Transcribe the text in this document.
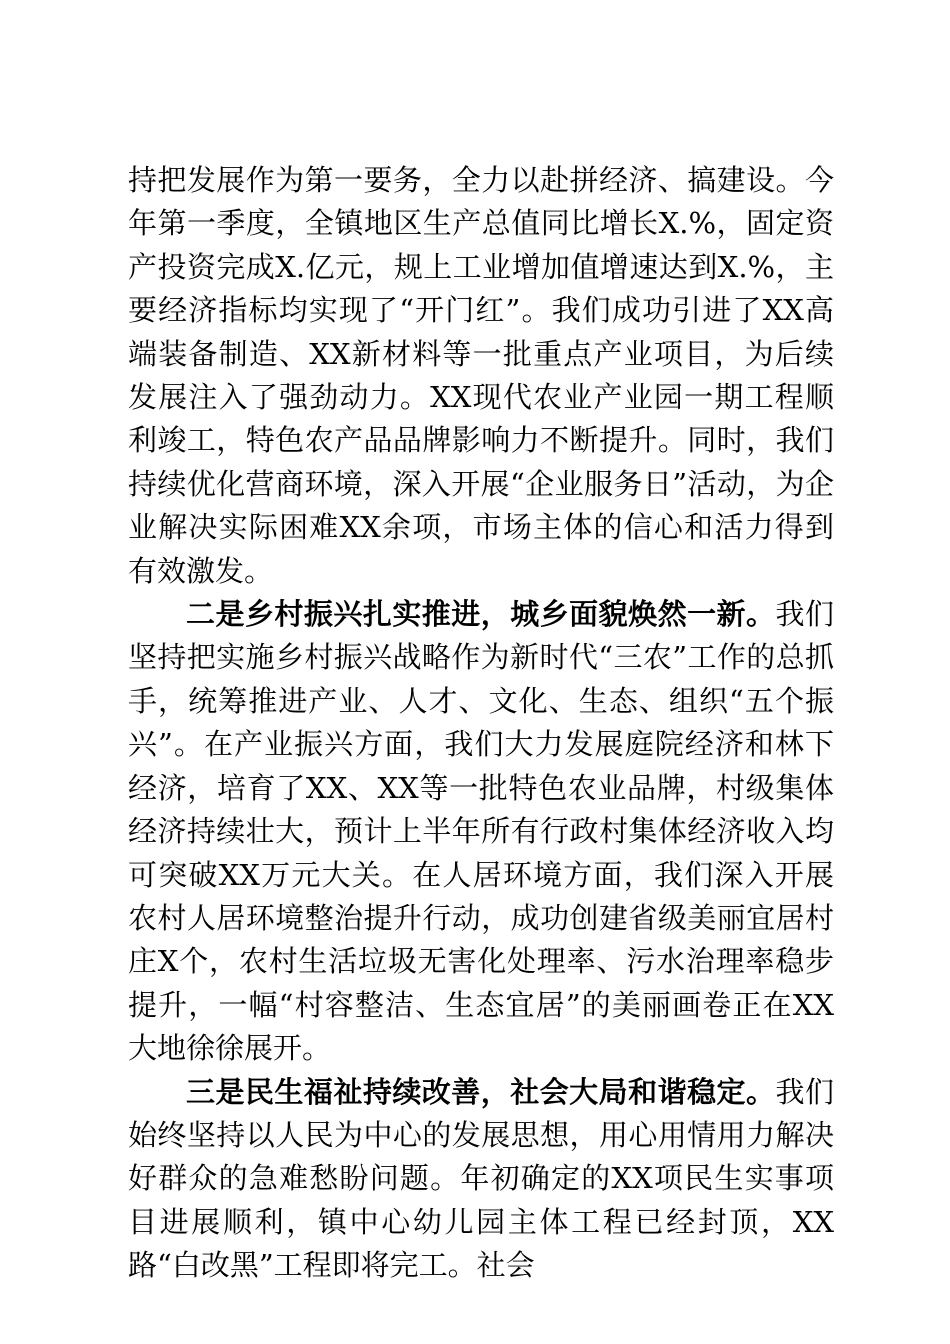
持把发展作为第一要务，全力以赴拼经济、搞建设。今年第一季度，全镇地区生产总值同比增长X.%，固定资产投资完成X.亿元，规上工业增加值增速达到X.%，主要经济指标均实现了“开门红”。我们成功引进了XX高端装备制造、XX新材料等一批重点产业项目，为后续发展注入了强劲动力。XX现代农业产业园一期工程顺利竣工，特色农产品品牌影响力不断提升。同时，我们持续优化营商环境，深入开展“企业服务日”活动，为企业解决实际困难XX余项，市场主体的信心和活力得到有效激发。

二是乡村振兴扎实推进，城乡面貌焕然一新。我们坚持把实施乡村振兴战略作为新时代“三农”工作的总抓手，统筹推进产业、人才、文化、生态、组织“五个振兴”。在产业振兴方面，我们大力发展庭院经济和林下经济，培育了XX、XX等一批特色农业品牌，村级集体经济持续壮大，预计上半年所有行政村集体经济收入均可突破XX万元大关。在人居环境方面，我们深入开展农村人居环境整治提升行动，成功创建省级美丽宜居村庄X个，农村生活垃圾无害化处理率、污水治理率稳步提升，一幅“村容整洁、生态宜居”的美丽画卷正在XX大地徐徐展开。

三是民生福祉持续改善，社会大局和谐稳定。我们始终坚持以人民为中心的发展思想，用心用情用力解决好群众的急难愁盼问题。年初确定的XX项民生实事项目进展顺利，镇中心幼儿园主体工程已经封顶，XX路“白改黑”工程即将完工。社会
